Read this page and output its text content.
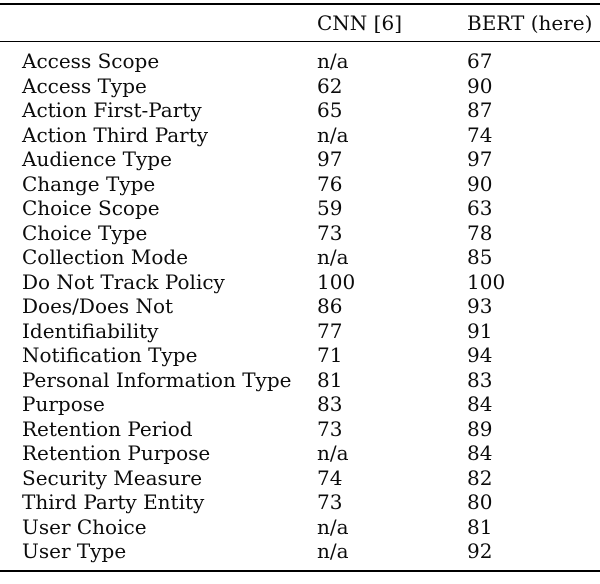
	CNN [6]	BERT (here)
Access Scope	n/a	67
Access Type	62	90
Action First-Party	65	87
Action Third Party	n/a	74
Audience Type	97	97
Change Type	76	90
Choice Scope	59	63
Choice Type	73	78
Collection Mode	n/a	85
Do Not Track Policy	100	100
Does/Does Not	86	93
Identifiability	77	91
Notification Type	71	94
Personal Information Type	81	83
Purpose	83	84
Retention Period	73	89
Retention Purpose	n/a	84
Security Measure	74	82
Third Party Entity	73	80
User Choice	n/a	81
User Type	n/a	92
